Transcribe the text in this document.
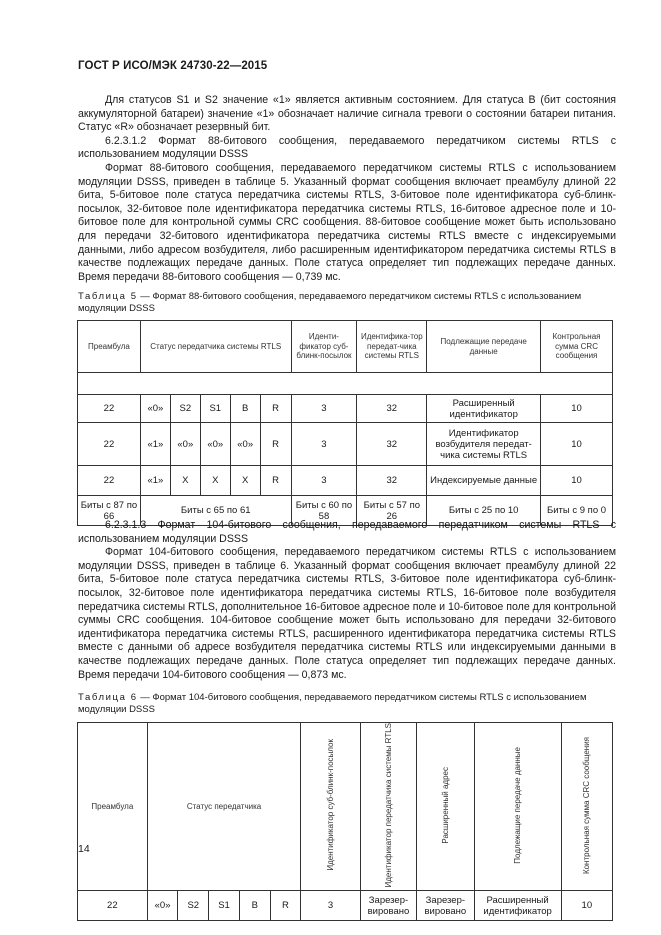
ГОСТ Р ИСО/МЭК 24730-22—2015

Для статусов S1 и S2 значение «1» является активным состоянием. Для статуса B (бит состояния аккумуляторной батареи) значение «1» обозначает наличие сигнала тревоги о состоянии батареи питания. Статус «R» обозначает резервный бит.

6.2.3.1.2 Формат 88-битового сообщения, передаваемого передатчиком системы RTLS с использованием модуляции DSSS

Формат 88-битового сообщения, передаваемого передатчиком системы RTLS с использованием модуляции DSSS, приведен в таблице 5. Указанный формат сообщения включает преамбулу длиной 22 бита, 5-битовое поле статуса передатчика системы RTLS, 3-битовое поле идентификатора суб-блинк-посылок, 32-битовое поле идентификатора передатчика системы RTLS, 16-битовое адресное поле и 10-битовое поле для контрольной суммы CRC сообщения. 88-битовое сообщение может быть использовано для передачи 32-битового идентификатора передатчика системы RTLS вместе с индексируемыми данными, либо адресом возбудителя, либо расширенным идентификатором передатчика системы RTLS в качестве подлежащих передаче данных. Поле статуса определяет тип подлежащих передаче данных. Время передачи 88-битового сообщения — 0,739 мс.

Таблица 5 — Формат 88-битового сообщения, передаваемого передатчиком системы RTLS с использованием модуляции DSSS
Преамбула	Статус передатчика системы RTLS					Иденти-фикатор суб-блинк-посылок	Идентифика-тор передат-чика системы RTLS	Подлежащие передаче данные	Контрольная сумма CRC сообщения

22	«0»	S2	S1	B	R	3	32	Расширенный идентификатор	10
22	«1»	«0»	«0»	«0»	R	3	32	Идентификатор возбудителя передат-чика системы RTLS	10
22	«1»	X	X	X	R	3	32	Индексируемые данные	10
Биты с 87 по 66	Биты с 65 по 61					Биты с 60 по 58	Биты с 57 по 26	Биты с 25 по 10	Биты с 9 по 0

6.2.3.1.3 Формат 104-битового сообщения, передаваемого передатчиком системы RTLS с использованием модуляции DSSS

Формат 104-битового сообщения, передаваемого передатчиком системы RTLS с использованием модуляции DSSS, приведен в таблице 6. Указанный формат сообщения включает преамбулу длиной 22 бита, 5-битовое поле статуса передатчика системы RTLS, 3-битовое поле идентификатора суб-блинк-посылок, 32-битовое поле идентификатора передатчика системы RTLS, 16-битовое поле возбудителя передатчика системы RTLS, дополнительное 16-битовое адресное поле и 10-битовое поле для контрольной суммы CRC сообщения. 104-битовое сообщение может быть использовано для передачи 32-битового идентификатора передатчика системы RTLS, расширенного идентификатора передатчика системы RTLS вместе с данными об адресе возбудителя передатчика системы RTLS или индексируемыми данными в качестве подлежащих передаче данных. Поле статуса определяет тип подлежащих передаче данных. Время передачи 104-битового сообщения — 0,873 мс.

Таблица 6 — Формат 104-битового сообщения, передаваемого передатчиком системы RTLS с использованием модуляции DSSS
Преамбула	Статус передатчика					Идентификатор суб-блинк-посылок	Идентификатор передатчика системы RTLS	Расширенный адрес	Подлежащие передаче данные	Контрольная сумма CRC сообщения
22	«0»	S2	S1	B	R	3	Зарезер-вировано	Зарезер-вировано	Расширенный идентификатор	10
14
